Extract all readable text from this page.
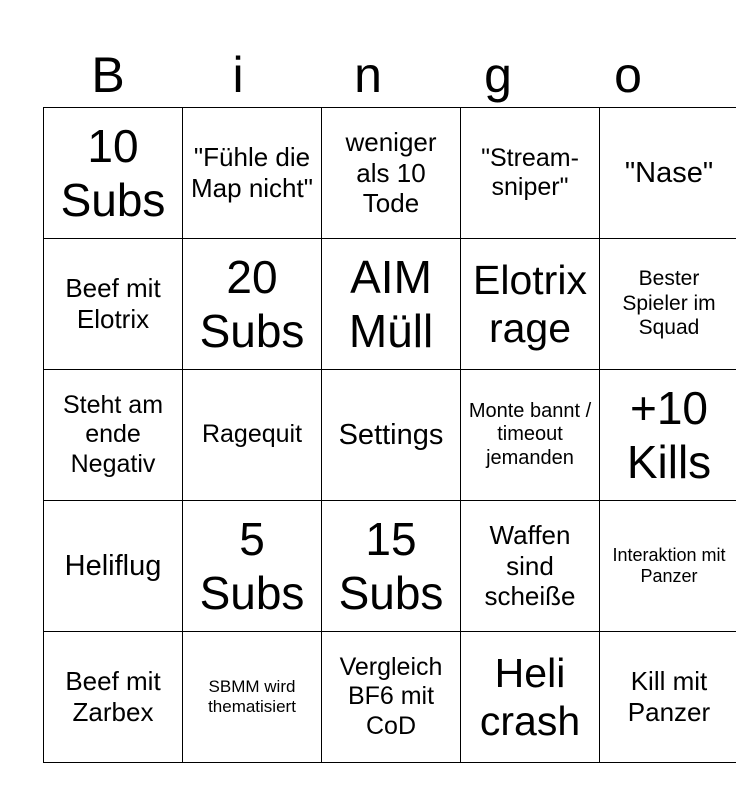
B	i	n	g	o
10 Subs	"Fühle die Map nicht"	weniger als 10 Tode	"Stream-sniper"	"Nase"
Beef mit Elotrix	20 Subs	AIM Müll	Elotrix rage	Bester Spieler im Squad
Steht am ende Negativ	Ragequit	Settings	Monte bannt / timeout jemanden	+10 Kills
Heliflug	5 Subs	15 Subs	Waffen sind scheiße	Interaktion mit Panzer
Beef mit Zarbex	SBMM wird thematisiert	Vergleich BF6 mit CoD	Heli crash	Kill mit Panzer
